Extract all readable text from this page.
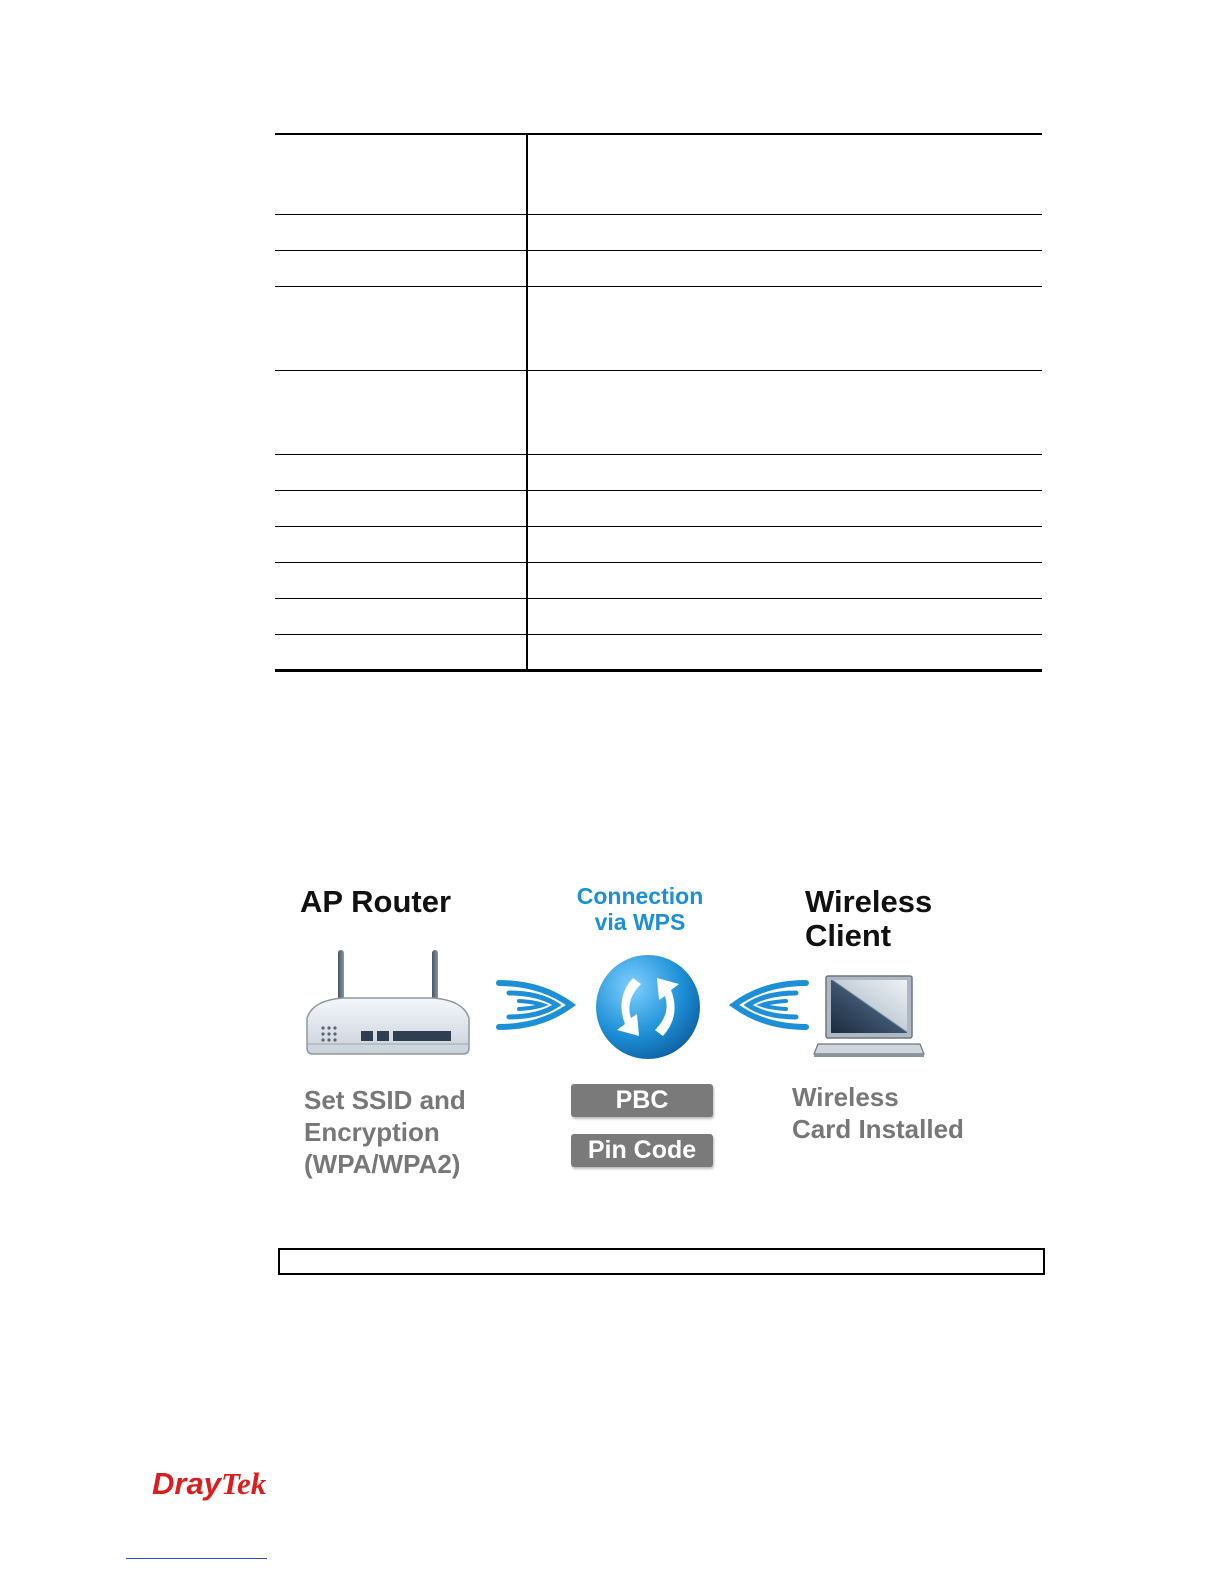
AP Router	Connection
via WPS
Wireless
Client
Set SSID and
Encryption
(WPA/WPA2)
PBC
Pin Code
Wireless
Card Installed
DrayTek
